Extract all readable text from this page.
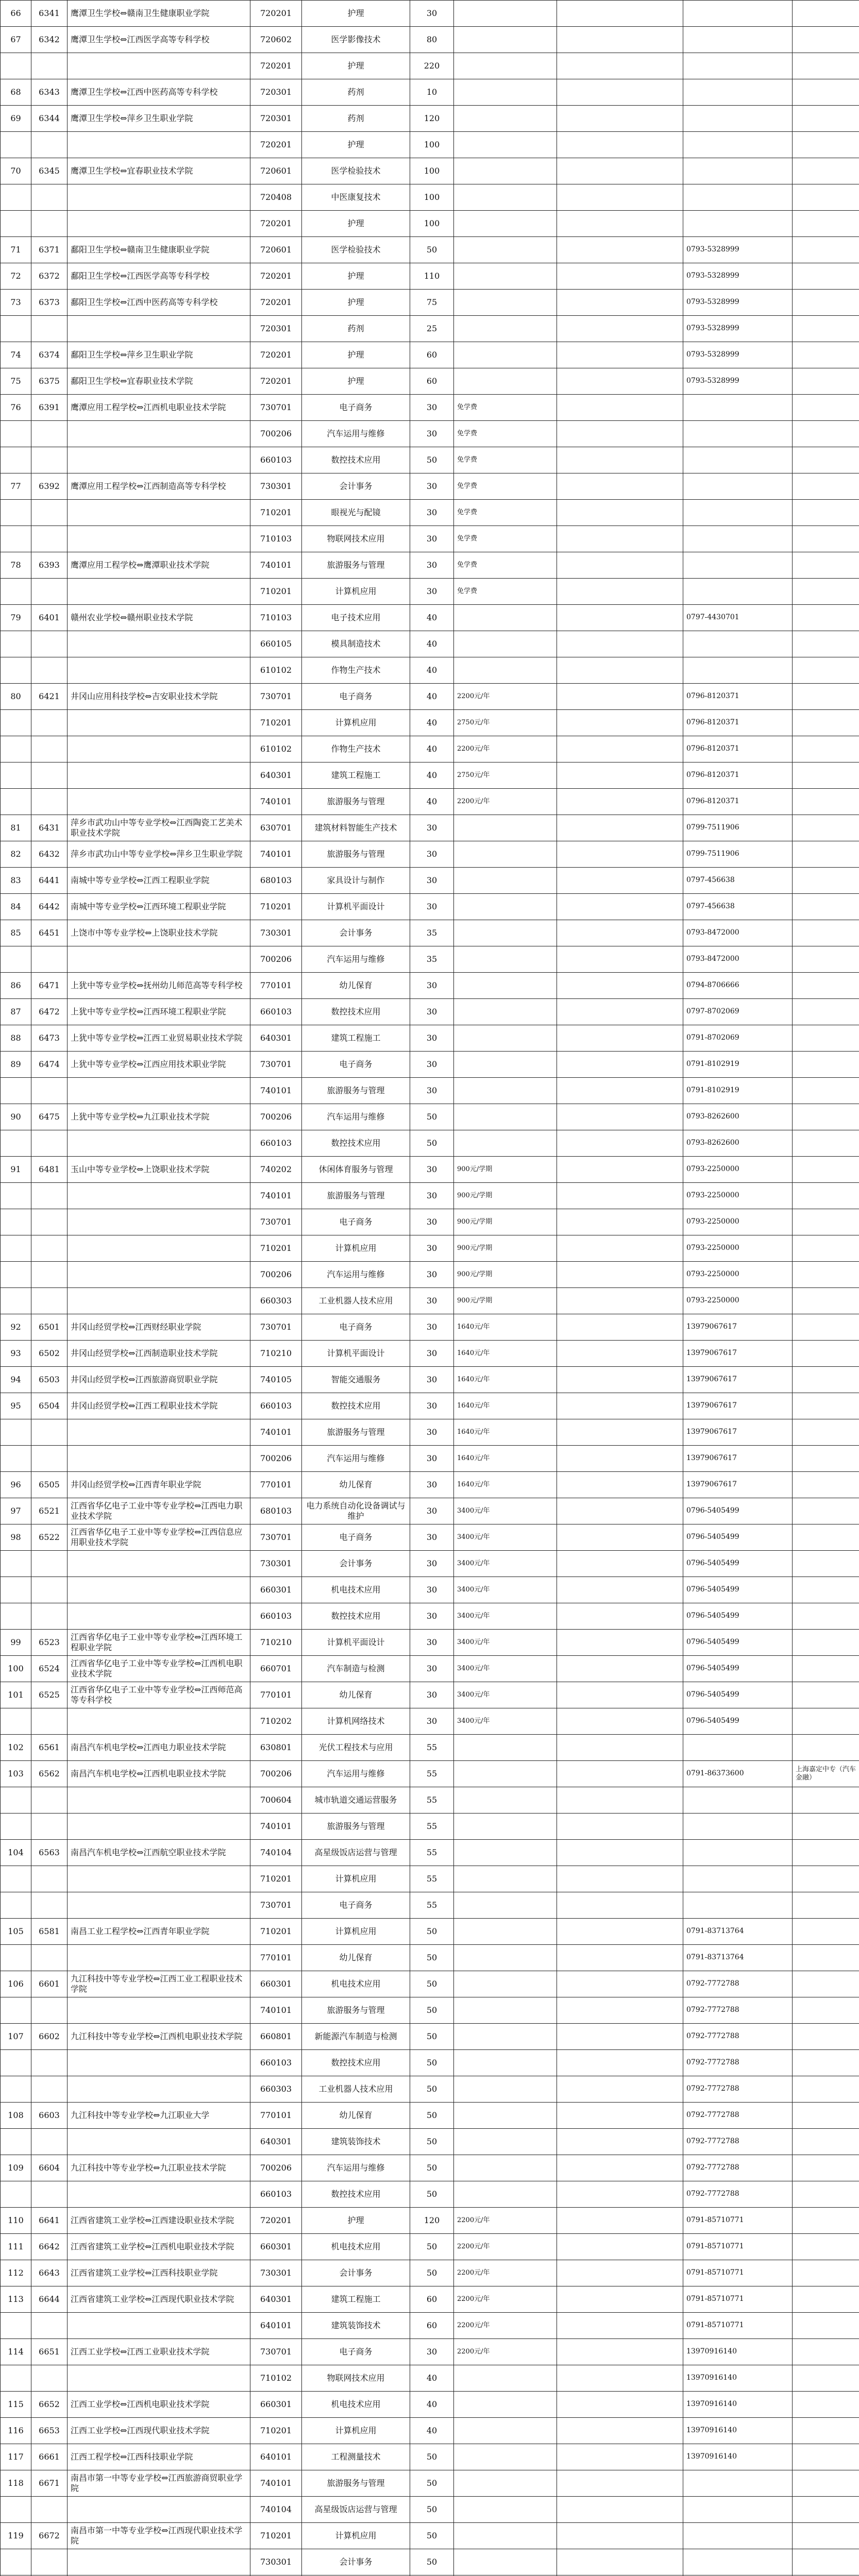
66	6341	鹰潭卫生学校⇔赣南卫生健康职业学院	720201	护理	30				
67	6342	鹰潭卫生学校⇔江西医学高等专科学校	720602	医学影像技术	80				
			720201	护理	220				
68	6343	鹰潭卫生学校⇔江西中医药高等专科学校	720301	药剂	10				
69	6344	鹰潭卫生学校⇔萍乡卫生职业学院	720301	药剂	120				
			720201	护理	100				
70	6345	鹰潭卫生学校⇔宜春职业技术学院	720601	医学检验技术	100				
			720408	中医康复技术	100				
			720201	护理	100				
71	6371	鄱阳卫生学校⇔赣南卫生健康职业学院	720601	医学检验技术	50			0793-5328999	
72	6372	鄱阳卫生学校⇔江西医学高等专科学校	720201	护理	110			0793-5328999	
73	6373	鄱阳卫生学校⇔江西中医药高等专科学校	720201	护理	75			0793-5328999	
			720301	药剂	25			0793-5328999	
74	6374	鄱阳卫生学校⇔萍乡卫生职业学院	720201	护理	60			0793-5328999	
75	6375	鄱阳卫生学校⇔宜春职业技术学院	720201	护理	60			0793-5328999	
76	6391	鹰潭应用工程学校⇔江西机电职业技术学院	730701	电子商务	30	免学费			
			700206	汽车运用与维修	30	免学费			
			660103	数控技术应用	50	免学费			
77	6392	鹰潭应用工程学校⇔江西制造高等专科学校	730301	会计事务	30	免学费			
			710201	眼视光与配镜	30	免学费			
			710103	物联网技术应用	30	免学费			
78	6393	鹰潭应用工程学校⇔鹰潭职业技术学院	740101	旅游服务与管理	30	免学费			
			710201	计算机应用	30	免学费			
79	6401	赣州农业学校⇔赣州职业技术学院	710103	电子技术应用	40			0797-4430701	
			660105	模具制造技术	40				
			610102	作物生产技术	40				
80	6421	井冈山应用科技学校⇔吉安职业技术学院	730701	电子商务	40	2200元/年		0796-8120371	
			710201	计算机应用	40	2750元/年		0796-8120371	
			610102	作物生产技术	40	2200元/年		0796-8120371	
			640301	建筑工程施工	40	2750元/年		0796-8120371	
			740101	旅游服务与管理	40	2200元/年		0796-8120371	
81	6431	萍乡市武功山中等专业学校⇔江西陶瓷工艺美术职业技术学院	630701	建筑材料智能生产技术	30			0799-7511906	
82	6432	萍乡市武功山中等专业学校⇔萍乡卫生职业学院	740101	旅游服务与管理	30			0799-7511906	
83	6441	南城中等专业学校⇔江西工程职业学院	680103	家具设计与制作	30			0797-456638	
84	6442	南城中等专业学校⇔江西环境工程职业学院	710201	计算机平面设计	30			0797-456638	
85	6451	上饶市中等专业学校⇔上饶职业技术学院	730301	会计事务	35			0793-8472000	
			700206	汽车运用与维修	35			0793-8472000	
86	6471	上犹中等专业学校⇔抚州幼儿师范高等专科学校	770101	幼儿保育	30			0794-8706666	
87	6472	上犹中等专业学校⇔江西环境工程职业学院	660103	数控技术应用	30			0797-8702069	
88	6473	上犹中等专业学校⇔江西工业贸易职业技术学院	640301	建筑工程施工	30			0791-8702069	
89	6474	上犹中等专业学校⇔江西应用技术职业学院	730701	电子商务	30			0791-8102919	
			740101	旅游服务与管理	30			0791-8102919	
90	6475	上犹中等专业学校⇔九江职业技术学院	700206	汽车运用与维修	50			0793-8262600	
			660103	数控技术应用	50			0793-8262600	
91	6481	玉山中等专业学校⇔上饶职业技术学院	740202	休闲体育服务与管理	30	900元/学期		0793-2250000	
			740101	旅游服务与管理	30	900元/学期		0793-2250000	
			730701	电子商务	30	900元/学期		0793-2250000	
			710201	计算机应用	30	900元/学期		0793-2250000	
			700206	汽车运用与维修	30	900元/学期		0793-2250000	
			660303	工业机器人技术应用	30	900元/学期		0793-2250000	
92	6501	井冈山经贸学校⇔江西财经职业学院	730701	电子商务	30	1640元/年		13979067617	
93	6502	井冈山经贸学校⇔江西制造职业技术学院	710210	计算机平面设计	30	1640元/年		13979067617	
94	6503	井冈山经贸学校⇔江西旅游商贸职业学院	740105	智能交通服务	30	1640元/年		13979067617	
95	6504	井冈山经贸学校⇔江西工程职业技术学院	660103	数控技术应用	30	1640元/年		13979067617	
			740101	旅游服务与管理	30	1640元/年		13979067617	
			700206	汽车运用与维修	30	1640元/年		13979067617	
96	6505	井冈山经贸学校⇔江西青年职业学院	770101	幼儿保育	30	1640元/年		13979067617	
97	6521	江西省华亿电子工业中等专业学校⇔江西电力职业技术学院	680103	电力系统自动化设备调试与维护	30	3400元/年		0796-5405499	
98	6522	江西省华亿电子工业中等专业学校⇔江西信息应用职业技术学院	730701	电子商务	30	3400元/年		0796-5405499	
			730301	会计事务	30	3400元/年		0796-5405499	
			660301	机电技术应用	30	3400元/年		0796-5405499	
			660103	数控技术应用	30	3400元/年		0796-5405499	
99	6523	江西省华亿电子工业中等专业学校⇔江西环境工程职业学院	710210	计算机平面设计	30	3400元/年		0796-5405499	
100	6524	江西省华亿电子工业中等专业学校⇔江西机电职业技术学院	660701	汽车制造与检测	30	3400元/年		0796-5405499	
101	6525	江西省华亿电子工业中等专业学校⇔江西师范高等专科学校	770101	幼儿保育	30	3400元/年		0796-5405499	
			710202	计算机网络技术	30	3400元/年		0796-5405499	
102	6561	南昌汽车机电学校⇔江西电力职业技术学院	630801	光伏工程技术与应用	55				
103	6562	南昌汽车机电学校⇔江西机电职业技术学院	700206	汽车运用与维修	55			0791-86373600	上海嘉定中专（汽车金融）
			700604	城市轨道交通运营服务	55				
			740101	旅游服务与管理	55				
104	6563	南昌汽车机电学校⇔江西航空职业技术学院	740104	高星级饭店运营与管理	55				
			710201	计算机应用	55				
			730701	电子商务	55				
105	6581	南昌工业工程学校⇔江西青年职业学院	710201	计算机应用	50			0791-83713764	
			770101	幼儿保育	50			0791-83713764	
106	6601	九江科技中等专业学校⇔江西工业工程职业技术学院	660301	机电技术应用	50			0792-7772788	
			740101	旅游服务与管理	50			0792-7772788	
107	6602	九江科技中等专业学校⇔江西机电职业技术学院	660801	新能源汽车制造与检测	50			0792-7772788	
			660103	数控技术应用	50			0792-7772788	
			660303	工业机器人技术应用	50			0792-7772788	
108	6603	九江科技中等专业学校⇔九江职业大学	770101	幼儿保育	50			0792-7772788	
			640301	建筑装饰技术	50			0792-7772788	
109	6604	九江科技中等专业学校⇔九江职业技术学院	700206	汽车运用与维修	50			0792-7772788	
			660103	数控技术应用	50			0792-7772788	
110	6641	江西省建筑工业学校⇔江西建设职业技术学院	720201	护理	120	2200元/年		0791-85710771	
111	6642	江西省建筑工业学校⇔江西机电职业技术学院	660301	机电技术应用	50	2200元/年		0791-85710771	
112	6643	江西省建筑工业学校⇔江西科技职业学院	730301	会计事务	50	2200元/年		0791-85710771	
113	6644	江西省建筑工业学校⇔江西现代职业技术学院	640301	建筑工程施工	60	2200元/年		0791-85710771	
			640101	建筑装饰技术	60	2200元/年		0791-85710771	
114	6651	江西工业学校⇔江西工业职业技术学院	730701	电子商务	30	2200元/年		13970916140	
			710102	物联网技术应用	40			13970916140	
115	6652	江西工业学校⇔江西机电职业技术学院	660301	机电技术应用	40			13970916140	
116	6653	江西工业学校⇔江西现代职业技术学院	710201	计算机应用	40			13970916140	
117	6661	江西工程学校⇔江西科技职业学院	640101	工程测量技术	50			13970916140	
118	6671	南昌市第一中等专业学校⇔江西旅游商贸职业学院	740101	旅游服务与管理	50				
			740104	高星级饭店运营与管理	50				
119	6672	南昌市第一中等专业学校⇔江西现代职业技术学院	710201	计算机应用	50				
			730301	会计事务	50				
